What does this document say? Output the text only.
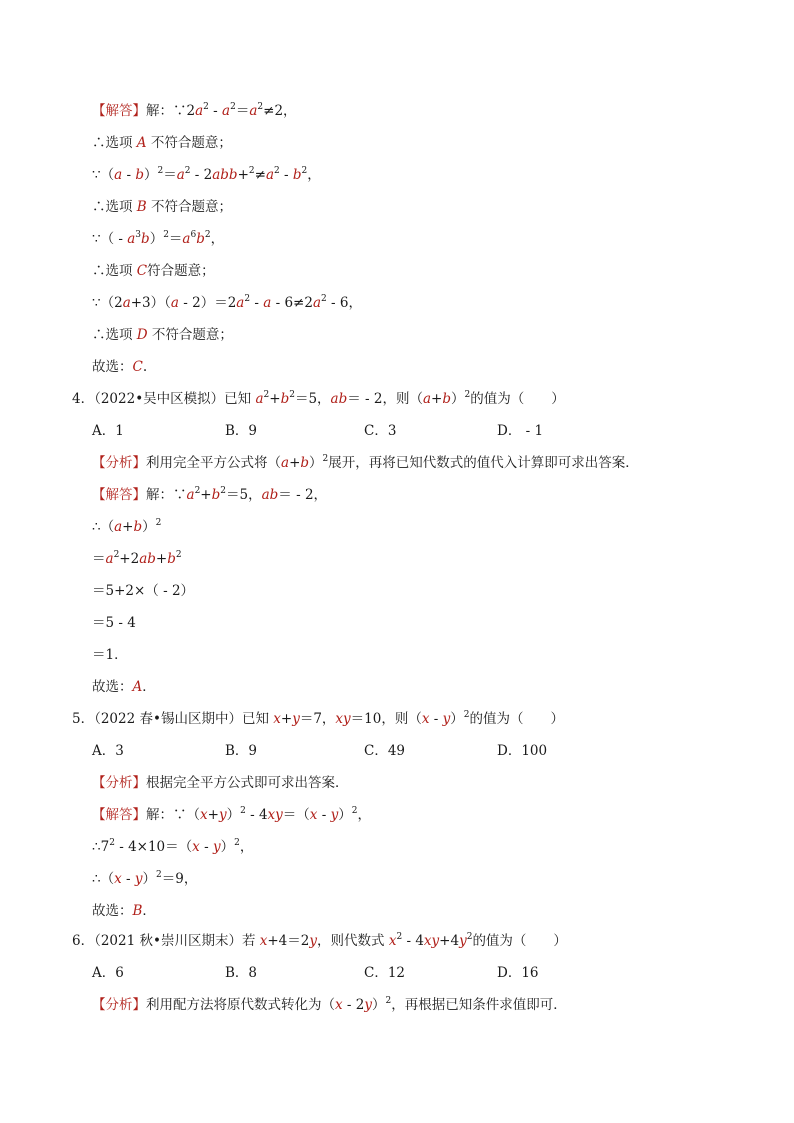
【解答】解：$\because 2a^2 - a^2=a^2\ne 2$，
∴选项 A 不符合题意；
∵（a - $b)^2=a^2 - 2abb+^2\ne a^2 - b^2$，
∴选项 B 不符合题意；
∵（ - $a^3b)^2=a^6b^2$，
∴选项 C符合题意；
∵（2a+3）（a - $2)=2a^2 - a - 6\ne 2a^2 - 6$，
∴选项 D 不符合题意；
故选：C.
4．（2022•吴中区模拟）已知 $a^2+b^2=5$，ab＝ - 2，则$(a+b)^2$的值为（　　）
A．1	B．9	C．3	D． - 1
【分析】利用完全平方公式将$(a+b)^2$展开，再将已知代数式的值代入计算即可求出答案．
【解答】解：$\because a^2+b^2=5$，ab＝ - 2，
$\therefore(a+b)^2$
$=a^2+2ab+b^2$
＝5+2×（ - 2）
＝5 - 4
＝1．
故选：A．
5．（2022 春•锡山区期中）已知 x+y＝7，xy＝10，则（x - y）$^2$的值为（　　）
A．3	B．9	C．49	D．100
【分析】根据完全平方公式即可求出答案．
【解答】解：$\because(x+y)^2 - 4xy=(x - y)^2$，
$\therefore 7^2 - 4\times 10=(x - y)^2$，
∴（x - y）$^2$＝9，
故选：B．
6．（2021 秋•崇川区期末）若 x+4＝2y，则代数式 $x^2 - 4xy+4y^2$的值为（　　）
A．6	B．8	C．12	D．16
【分析】利用配方法将原代数式转化为（x - 2y）$^2$，再根据已知条件求值即可．
